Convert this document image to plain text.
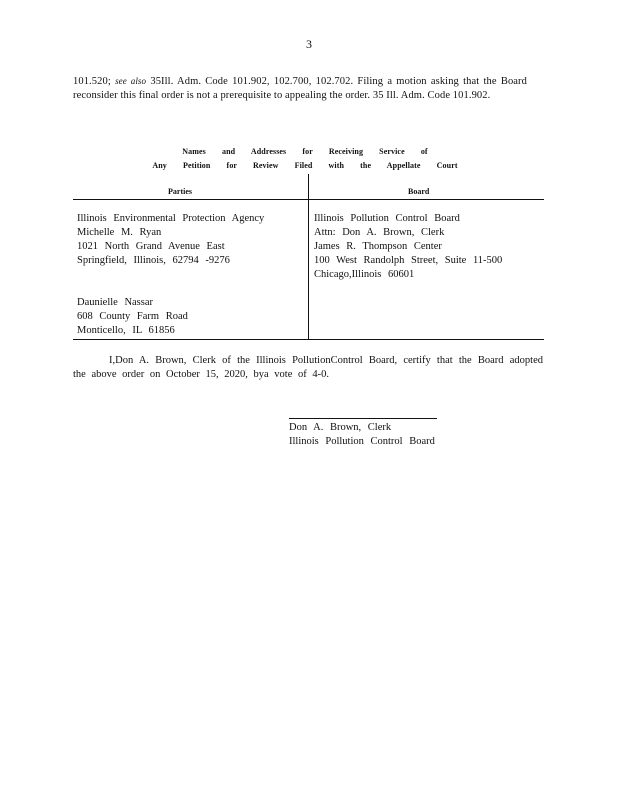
3
101.520; see also 35Ill. Adm. Code 101.902, 102.700, 102.702. Filing a motion asking that the Board reconsider this final order is not a prerequisite to appealing the order. 35 Ill. Adm. Code 101.902.
Names and Addresses for Receiving Service of
Any Petition for Review Filed with the Appellate Court
Parties	Board
Illinois Environmental Protection Agency
Michelle M. Ryan
1021 North Grand Avenue East
Springfield, Illinois, 62794 -9276
Daunielle Nassar
608 County Farm Road
Monticello, IL 61856
Illinois Pollution Control Board
Attn: Don A. Brown, Clerk
James R. Thompson Center
100 West Randolph Street, Suite 11-500
Chicago,Illinois 60601
I,Don A. Brown, Clerk of the Illinois PollutionControl Board, certify that the Board adopted the above order on October 15, 2020, bya vote of 4-0.
Don A. Brown, Clerk
Illinois Pollution Control Board
